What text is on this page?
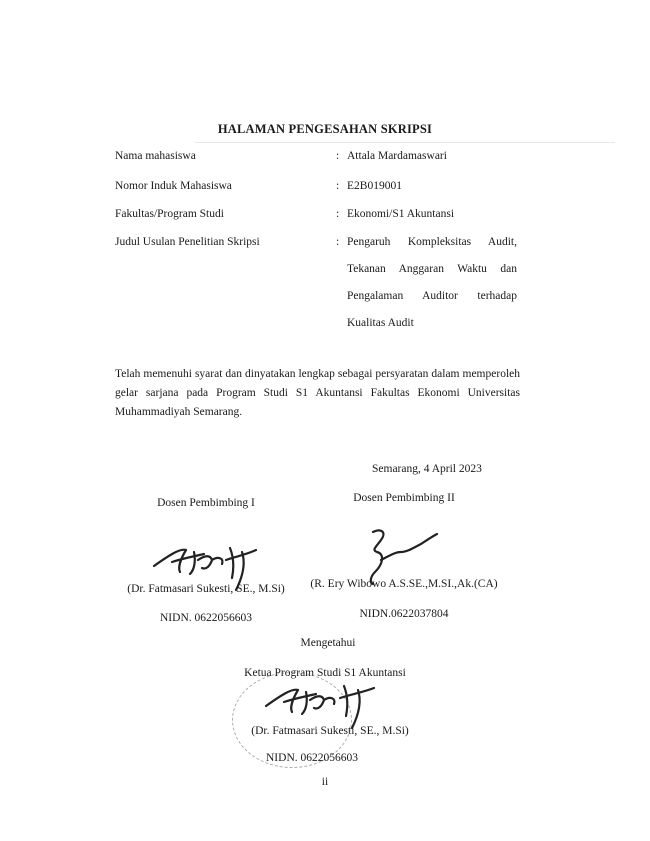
HALAMAN PENGESAHAN SKRIPSI
Nama mahasiswa	: Attala Mardamaswari
Nomor Induk Mahasiswa	: E2B019001
Fakultas/Program Studi	: Ekonomi/S1 Akuntansi
Judul Usulan Penelitian Skripsi	: Pengaruh Kompleksitas Audit, Tekanan Anggaran Waktu dan Pengalaman Auditor terhadap Kualitas Audit
Telah memenuhi syarat dan dinyatakan lengkap sebagai persyaratan dalam memperoleh gelar sarjana pada Program Studi S1 Akuntansi Fakultas Ekonomi Universitas Muhammadiyah Semarang.
Semarang, 4 April 2023
Dosen Pembimbing I	Dosen Pembimbing II
(Dr. Fatmasari Sukesti, SE., M.Si) (R. Ery Wibowo A.S.SE.,M.SI.,Ak.(CA)
NIDN. 0622056603	NIDN.0622037804
Mengetahui
Ketua Program Studi S1 Akuntansi
(Dr. Fatmasari Sukesti, SE., M.Si)
NIDN. 0622056603
ii
